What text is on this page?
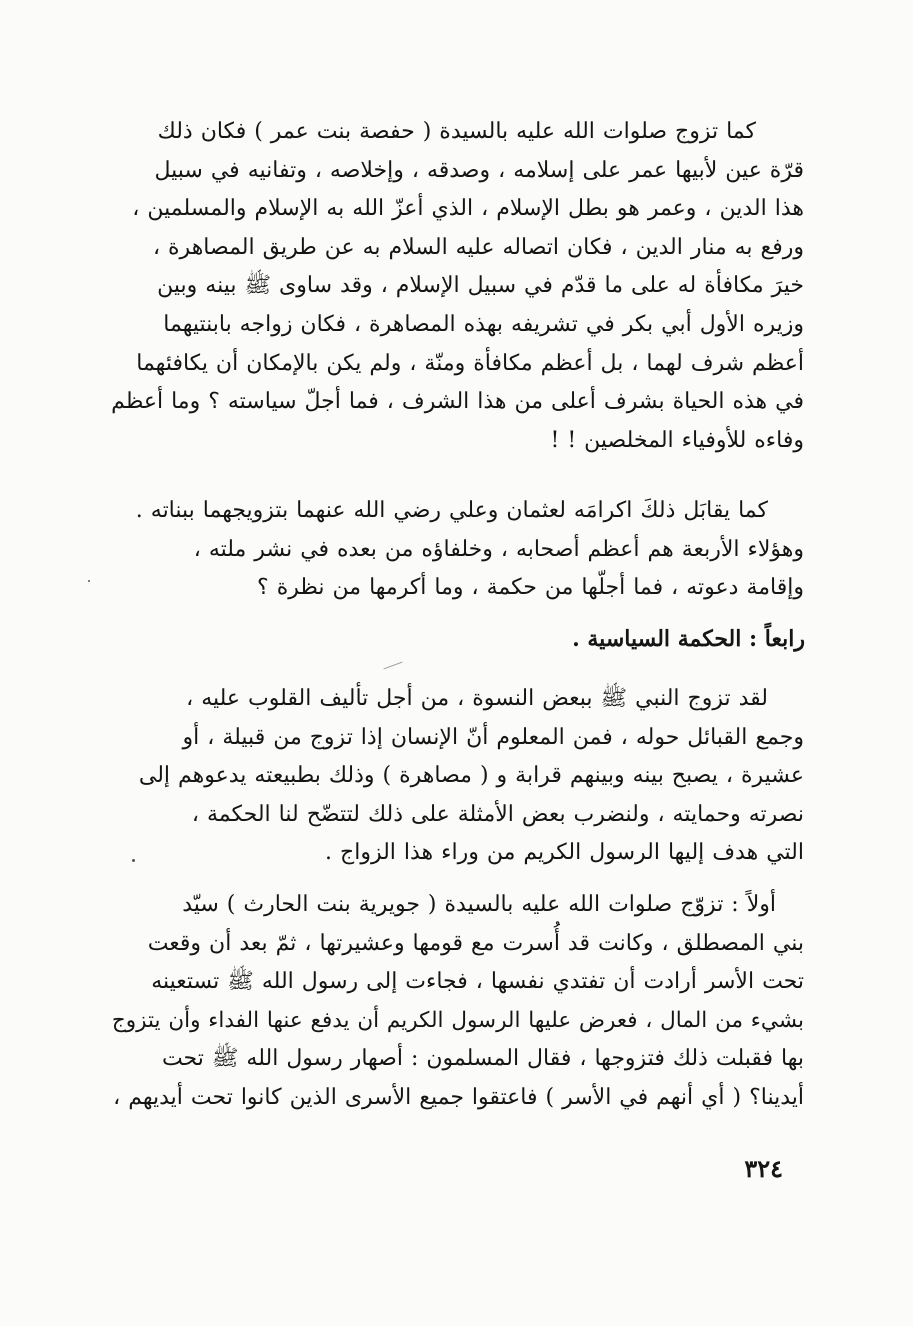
كما تزوج صلوات الله عليه بالسيدة ( حفصة بنت عمر ) فكان ذلك
قرّة عين لأبيها عمر على إسلامه ، وصدقه ، وإخلاصه ، وتفانيه في سبيل
هذا الدين ، وعمر هو بطل الإسلام ، الذي أعزّ الله به الإسلام والمسلمين ،
ورفع به منار الدين ، فكان اتصاله عليه السلام به عن طريق المصاهرة ،
خيرَ مكافأة له على ما قدّم في سبيل الإسلام ، وقد ساوى ﷺ بينه وبين
وزيره الأول أبي بكر في تشريفه بهذه المصاهرة ، فكان زواجه بابنتيهما
أعظم شرف لهما ، بل أعظم مكافأة ومنّة ، ولم يكن بالإمكان أن يكافئهما
في هذه الحياة بشرف أعلى من هذا الشرف ، فما أجلّ سياسته ؟ وما أعظم
وفاءه للأوفياء المخلصين ! !
كما يقابَل ذلكَ اكرامَه لعثمان وعلي رضي الله عنهما بتزويجهما ببناته .
وهؤلاء الأربعة هم أعظم أصحابه ، وخلفاؤه من بعده في نشر ملته ،
وإقامة دعوته ، فما أجلّها من حكمة ، وما أكرمها من نظرة ؟
رابعاً : الحكمة السياسية .
لقد تزوج النبي ﷺ ببعض النسوة ، من أجل تأليف القلوب عليه ،
وجمع القبائل حوله ، فمن المعلوم أنّ الإنسان إذا تزوج من قبيلة ، أو
عشيرة ، يصبح بينه وبينهم قرابة و ( مصاهرة ) وذلك بطبيعته يدعوهم إلى
نصرته وحمايته ، ولنضرب بعض الأمثلة على ذلك لتتضّح لنا الحكمة ،
التي هدف إليها الرسول الكريم من وراء هذا الزواج .
أولاً : تزوّج صلوات الله عليه بالسيدة ( جويرية بنت الحارث ) سيّد
بني المصطلق ، وكانت قد أُسرت مع قومها وعشيرتها ، ثمّ بعد أن وقعت
تحت الأسر أرادت أن تفتدي نفسها ، فجاءت إلى رسول الله ﷺ تستعينه
بشيء من المال ، فعرض عليها الرسول الكريم أن يدفع عنها الفداء وأن يتزوج
بها فقبلت ذلك فتزوجها ، فقال المسلمون : أصهار رسول الله ﷺ تحت
أيدينا؟ ( أي أنهم في الأسر ) فاعتقوا جميع الأسرى الذين كانوا تحت أيديهم ،
٣٢٤
